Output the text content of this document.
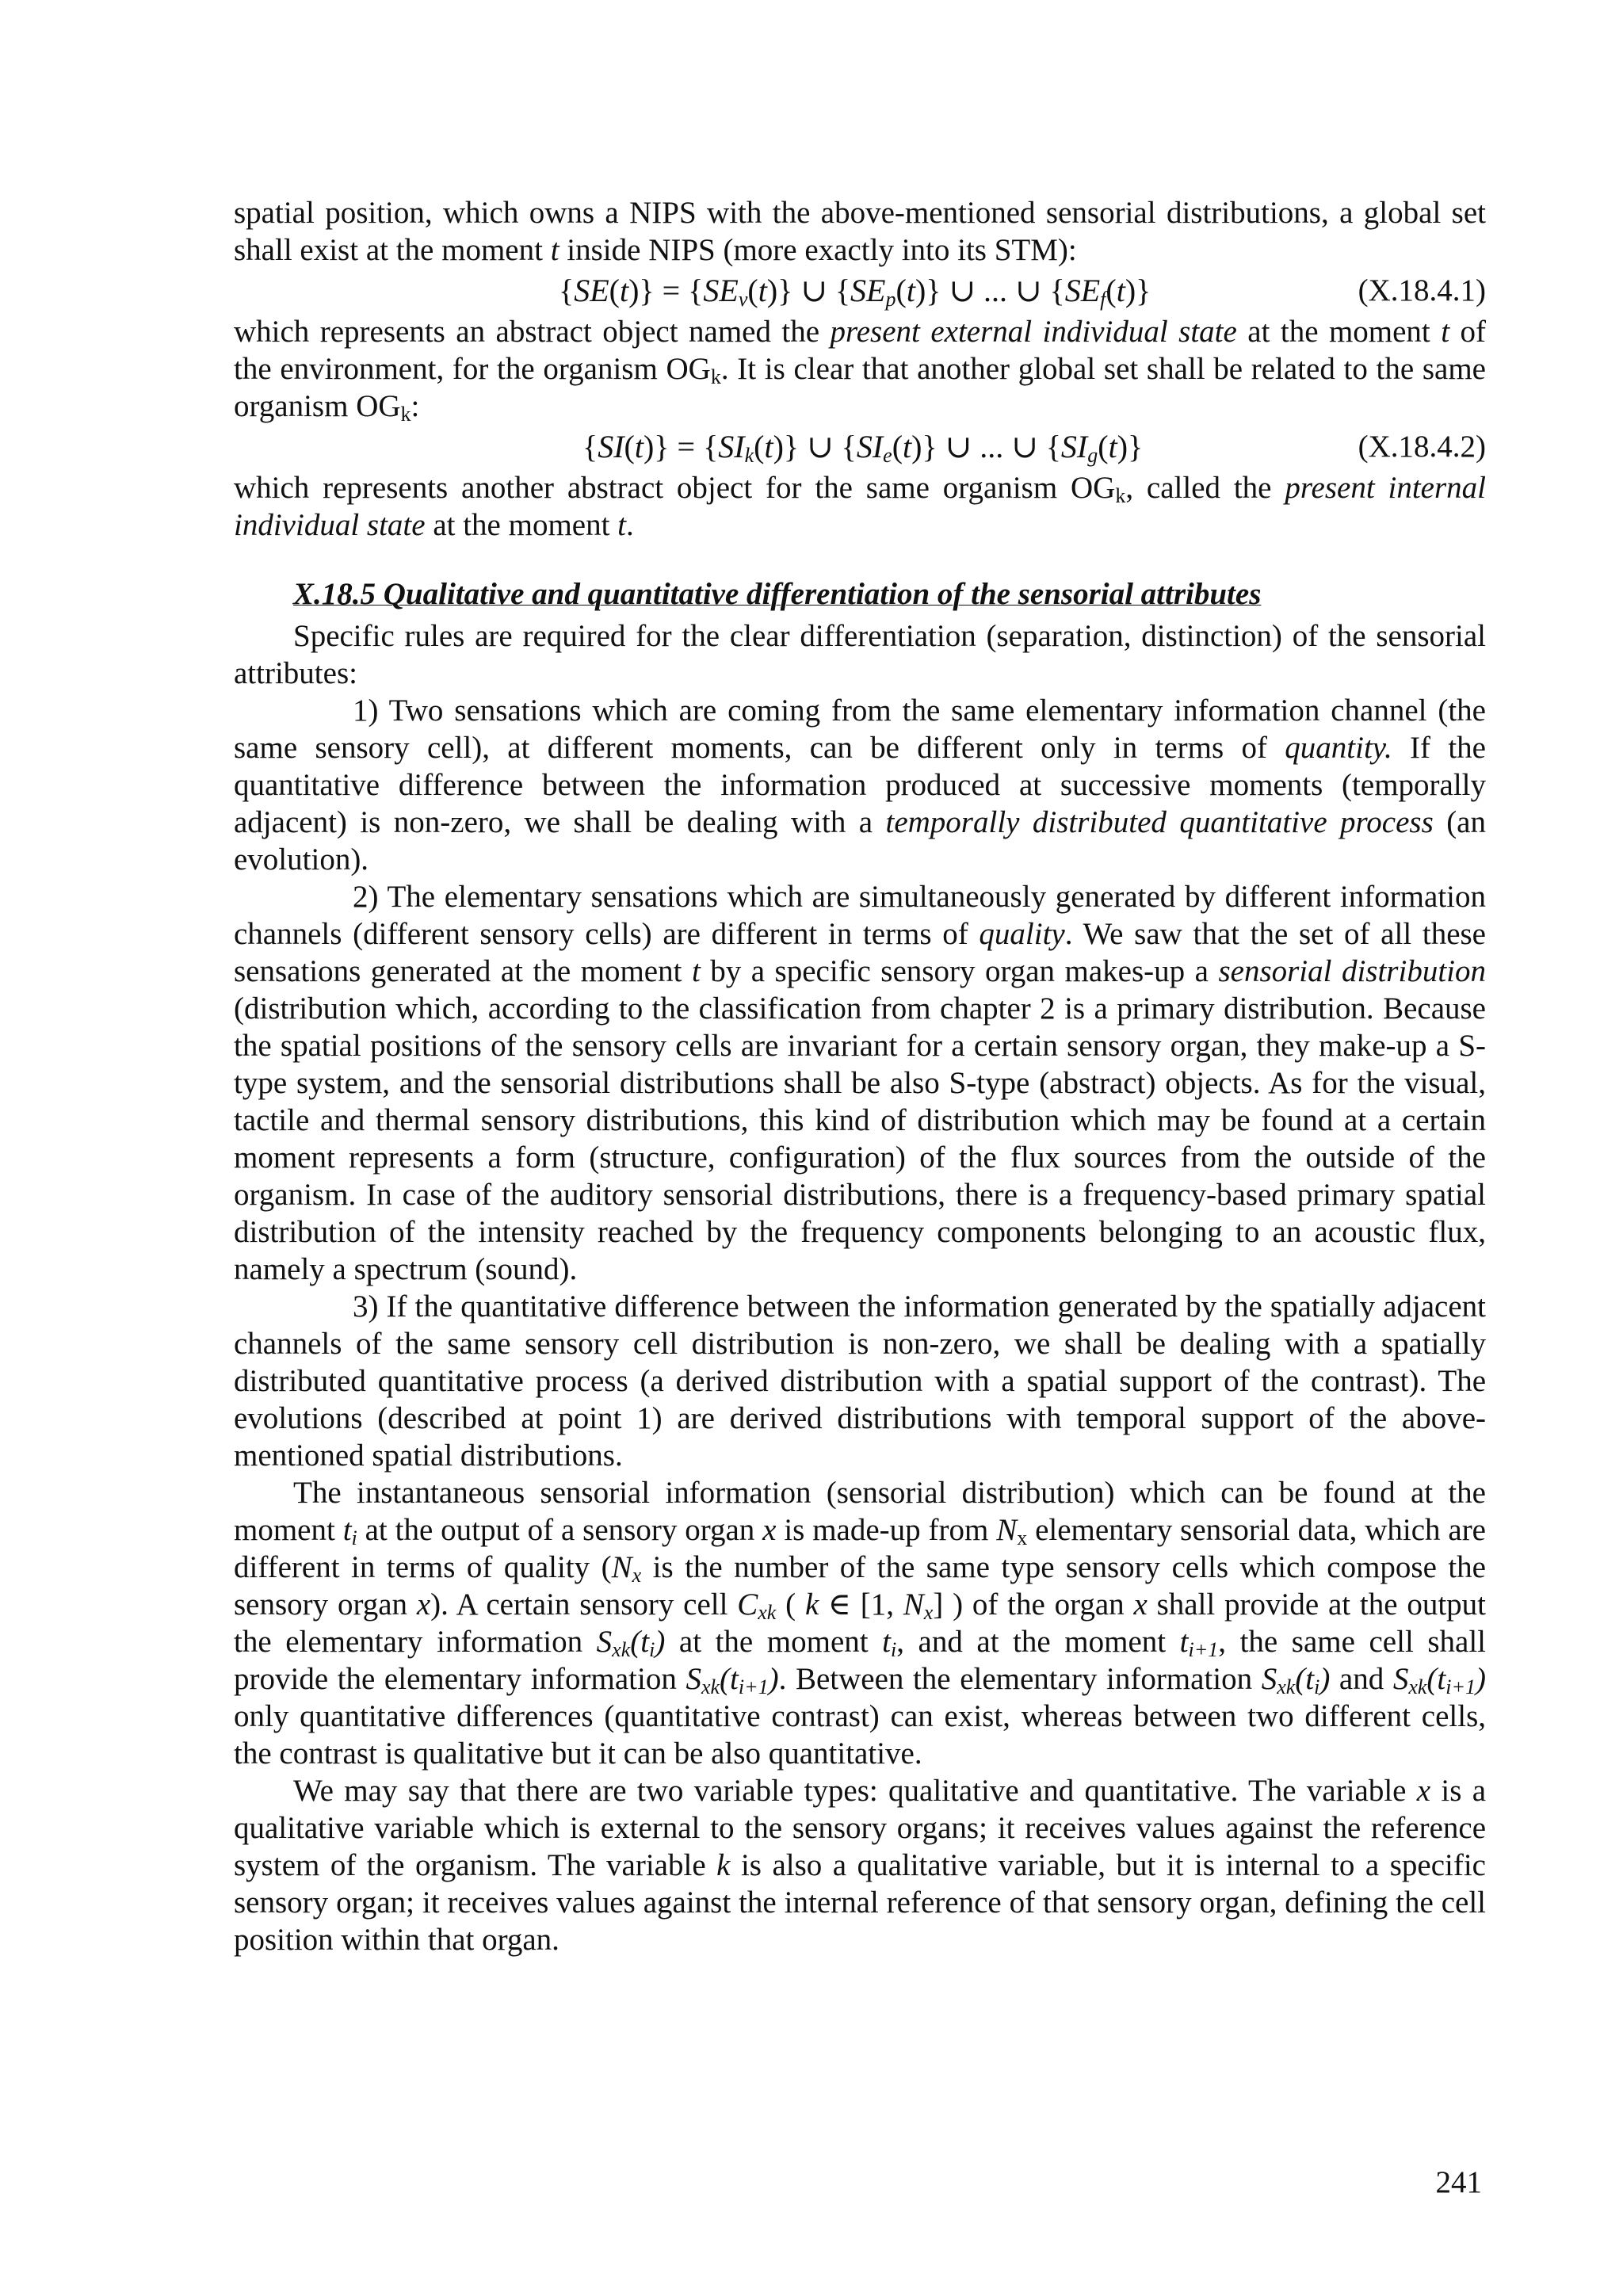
spatial position, which owns a NIPS with the above-mentioned sensorial distributions, a global set shall exist at the moment t inside NIPS (more exactly into its STM):

$\{SE(t)\} = \{SE_v(t)\}$ ∪ $\{SE_p(t)\}$ ∪ ... ∪ $\{SE_f(t)\}$	(X.18.4.1)

which represents an abstract object named the present external individual state at the moment t of the environment, for the organism $OG_k$. It is clear that another global set shall be related to the same organism $OG_k$:

$\{SI(t)\} = \{SI_k(t)\}$ ∪ $\{SI_e(t)\}$ ∪ ... ∪ $\{SI_g(t)\}$	(X.18.4.2)

which represents another abstract object for the same organism $OG_k$, called the present internal individual state at the moment t.

X.18.5 Qualitative and quantitative differentiation of the sensorial attributes

Specific rules are required for the clear differentiation (separation, distinction) of the sensorial attributes:

1) Two sensations which are coming from the same elementary information channel (the same sensory cell), at different moments, can be different only in terms of quantity. If the quantitative difference between the information produced at successive moments (temporally adjacent) is non-zero, we shall be dealing with a temporally distributed quantitative process (an evolution).

2) The elementary sensations which are simultaneously generated by different information channels (different sensory cells) are different in terms of quality. We saw that the set of all these sensations generated at the moment t by a specific sensory organ makes-up a sensorial distribution (distribution which, according to the classification from chapter 2 is a primary distribution. Because the spatial positions of the sensory cells are invariant for a certain sensory organ, they make-up a S-type system, and the sensorial distributions shall be also S-type (abstract) objects. As for the visual, tactile and thermal sensory distributions, this kind of distribution which may be found at a certain moment represents a form (structure, configuration) of the flux sources from the outside of the organism. In case of the auditory sensorial distributions, there is a frequency-based primary spatial distribution of the intensity reached by the frequency components belonging to an acoustic flux, namely a spectrum (sound).

3) If the quantitative difference between the information generated by the spatially adjacent channels of the same sensory cell distribution is non-zero, we shall be dealing with a spatially distributed quantitative process (a derived distribution with a spatial support of the contrast). The evolutions (described at point 1) are derived distributions with temporal support of the above-mentioned spatial distributions.

The instantaneous sensorial information (sensorial distribution) which can be found at the moment $t_i$ at the output of a sensory organ x is made-up from $N_x$ elementary sensorial data, which are different in terms of quality ($N_x$ is the number of the same type sensory cells which compose the sensory organ x). A certain sensory cell $C_{xk}$ ( k ∈ [1, $N_x$] ) of the organ x shall provide at the output the elementary information $S_{xk}(t_i)$ at the moment $t_i$, and at the moment $t_{i+1}$, the same cell shall provide the elementary information $S_{xk}(t_{i+1})$. Between the elementary information $S_{xk}(t_i)$ and $S_{xk}(t_{i+1})$ only quantitative differences (quantitative contrast) can exist, whereas between two different cells, the contrast is qualitative but it can be also quantitative.

We may say that there are two variable types: qualitative and quantitative. The variable x is a qualitative variable which is external to the sensory organs; it receives values against the reference system of the organism. The variable k is also a qualitative variable, but it is internal to a specific sensory organ; it receives values against the internal reference of that sensory organ, defining the cell position within that organ.

241
